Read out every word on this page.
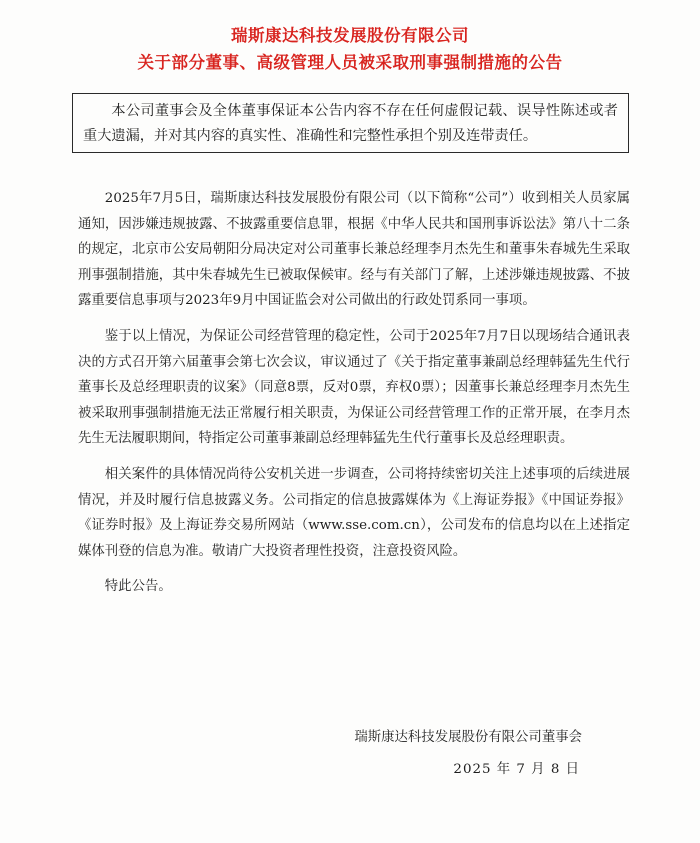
瑞斯康达科技发展股份有限公司
关于部分董事、高级管理人员被采取刑事强制措施的公告

本公司董事会及全体董事保证本公告内容不存在任何虚假记载、误导性陈述或者重大遗漏，并对其内容的真实性、准确性和完整性承担个别及连带责任。

2025年7月5日，瑞斯康达科技发展股份有限公司（以下简称“公司”）收到相关人员家属通知，因涉嫌违规披露、不披露重要信息罪，根据《中华人民共和国刑事诉讼法》第八十二条的规定，北京市公安局朝阳分局决定对公司董事长兼总经理李月杰先生和董事朱春城先生采取刑事强制措施，其中朱春城先生已被取保候审。经与有关部门了解，上述涉嫌违规披露、不披露重要信息事项与2023年9月中国证监会对公司做出的行政处罚系同一事项。

鉴于以上情况，为保证公司经营管理的稳定性，公司于2025年7月7日以现场结合通讯表决的方式召开第六届董事会第七次会议，审议通过了《关于指定董事兼副总经理韩猛先生代行董事长及总经理职责的议案》（同意8票，反对0票，弃权0票）；因董事长兼总经理李月杰先生被采取刑事强制措施无法正常履行相关职责，为保证公司经营管理工作的正常开展，在李月杰先生无法履职期间，特指定公司董事兼副总经理韩猛先生代行董事长及总经理职责。

相关案件的具体情况尚待公安机关进一步调查，公司将持续密切关注上述事项的后续进展情况，并及时履行信息披露义务。公司指定的信息披露媒体为《上海证券报》《中国证券报》《证券时报》及上海证券交易所网站（www.sse.com.cn），公司发布的信息均以在上述指定媒体刊登的信息为准。敬请广大投资者理性投资，注意投资风险。

特此公告。

瑞斯康达科技发展股份有限公司董事会
2025 年 7 月 8 日
